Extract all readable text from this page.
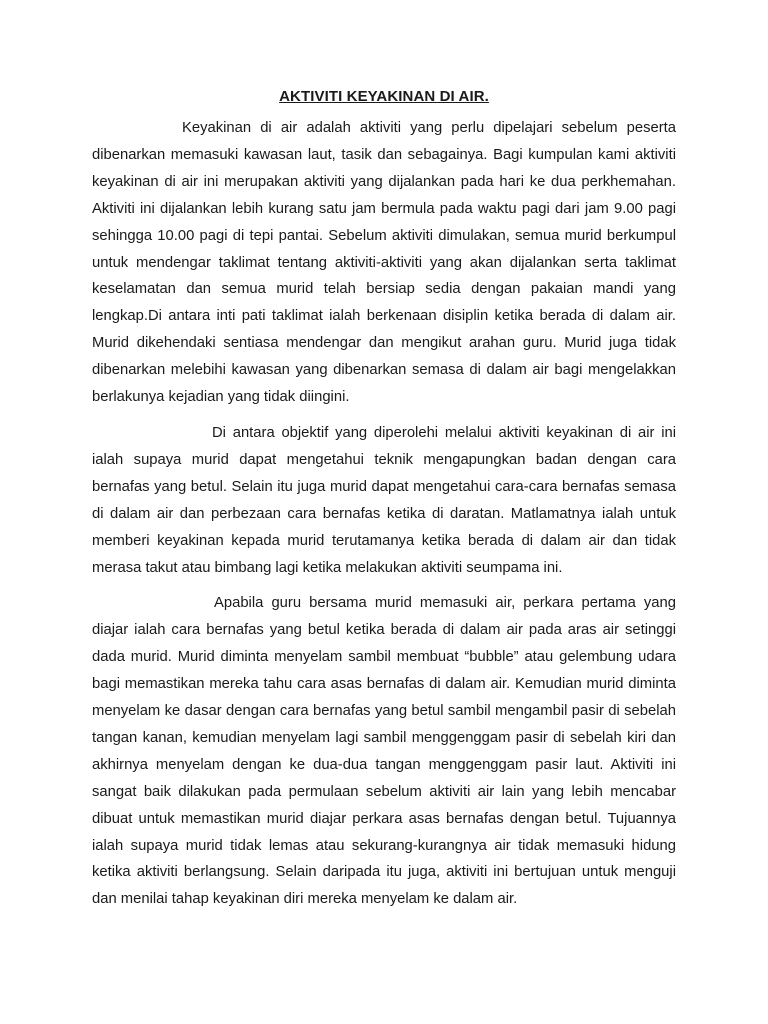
AKTIVITI KEYAKINAN DI AIR.

Keyakinan di air adalah aktiviti yang perlu dipelajari sebelum peserta dibenarkan memasuki kawasan laut, tasik dan sebagainya. Bagi kumpulan kami aktiviti keyakinan di air ini merupakan aktiviti yang dijalankan pada hari ke dua perkhemahan. Aktiviti ini dijalankan lebih kurang satu jam bermula pada waktu pagi dari jam 9.00 pagi sehingga 10.00 pagi di tepi pantai. Sebelum aktiviti dimulakan, semua murid berkumpul untuk mendengar taklimat tentang aktiviti-aktiviti yang akan dijalankan serta taklimat keselamatan dan semua murid telah bersiap sedia dengan pakaian mandi yang lengkap.Di antara inti pati taklimat ialah berkenaan disiplin ketika berada di dalam air. Murid dikehendaki sentiasa mendengar dan mengikut arahan guru. Murid juga tidak dibenarkan melebihi kawasan yang dibenarkan semasa di dalam air bagi mengelakkan berlakunya kejadian yang tidak diingini.

Di antara objektif yang diperolehi melalui aktiviti keyakinan di air ini ialah supaya murid dapat mengetahui teknik mengapungkan badan dengan cara bernafas yang betul. Selain itu juga murid dapat mengetahui cara-cara bernafas semasa di dalam air dan perbezaan cara bernafas ketika di daratan. Matlamatnya ialah untuk memberi keyakinan kepada murid terutamanya ketika berada di dalam air dan tidak merasa takut atau bimbang lagi ketika melakukan aktiviti seumpama ini.

Apabila guru bersama murid memasuki air, perkara pertama yang diajar ialah cara bernafas yang betul ketika berada di dalam air pada aras air setinggi dada murid. Murid diminta menyelam sambil membuat “bubble” atau gelembung udara bagi memastikan mereka tahu cara asas bernafas di dalam air. Kemudian murid diminta menyelam ke dasar dengan cara bernafas yang betul sambil mengambil pasir di sebelah tangan kanan, kemudian menyelam lagi sambil menggenggam pasir di sebelah kiri dan akhirnya menyelam dengan ke dua-dua tangan menggenggam pasir laut. Aktiviti ini sangat baik dilakukan pada permulaan sebelum aktiviti air lain yang lebih mencabar dibuat untuk memastikan murid diajar perkara asas bernafas dengan betul. Tujuannya ialah supaya murid tidak lemas atau sekurang-kurangnya air tidak memasuki hidung ketika aktiviti berlangsung. Selain daripada itu juga, aktiviti ini bertujuan untuk menguji dan menilai tahap keyakinan diri mereka menyelam ke dalam air.
